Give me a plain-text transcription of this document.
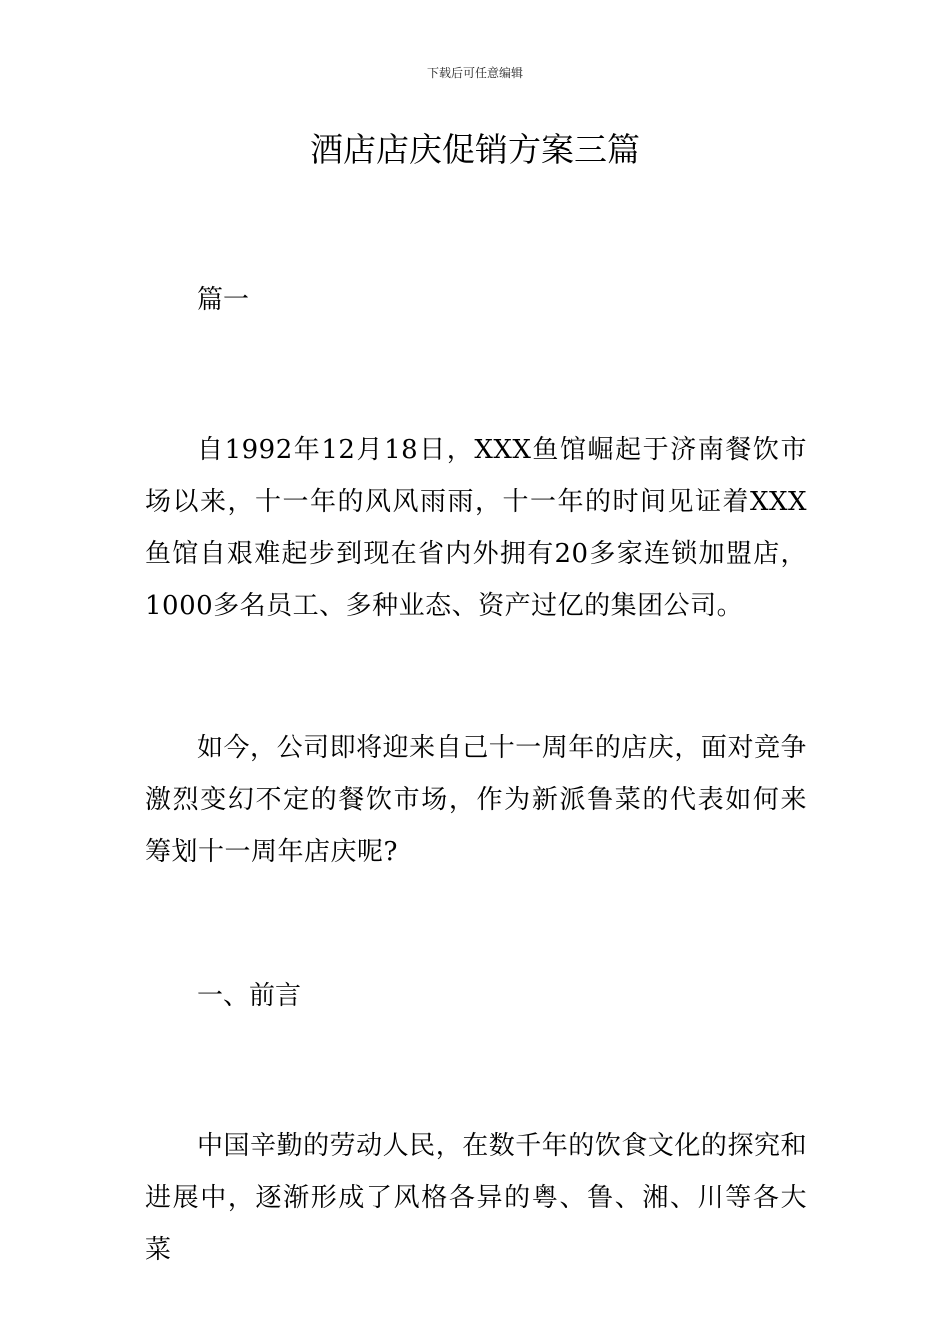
下载后可任意编辑
酒店店庆促销方案三篇

篇一

自1992年12月18日，XXX鱼馆崛起于济南餐饮市场以来，十一年的风风雨雨，十一年的时间见证着XXX鱼馆自艰难起步到现在省内外拥有20多家连锁加盟店，1000多名员工、多种业态、资产过亿的集团公司。

如今，公司即将迎来自己十一周年的店庆，面对竞争激烈变幻不定的餐饮市场，作为新派鲁菜的代表如何来筹划十一周年店庆呢?

一、前言

中国辛勤的劳动人民，在数千年的饮食文化的探究和进展中，逐渐形成了风格各异的粤、鲁、湘、川等各大菜
